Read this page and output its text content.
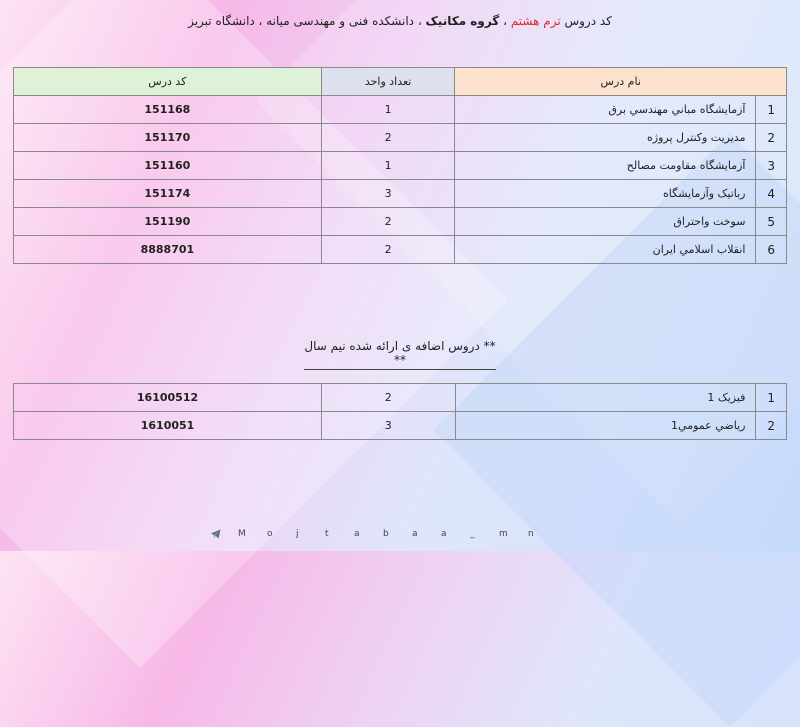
کد دروس ترم هشتم ، گروه مکانیک ، دانشکده فنی و مهندسی میانه ، دانشگاه تبریز
نام درس		تعداد واحد	کد درس
1	آزمایشگاه مباني مهندسي برق	1	151168
2	مديريت وكنترل پروژه	2	151170
3	آزمایشگاه مقاومت مصالح	1	151160
4	رباتیک وآزمایشگاه	3	151174
5	سوخت واحتراق	2	151190
6	انقلاب اسلامي ايران	2	8888701
** دروس اضافه ی ارائه شده نیم سال **
1	فیزیک 1	2	16100512
2	رياضي عمومي1	3	1610051
M	o	j	t	a	b	a	a	_	m	n
